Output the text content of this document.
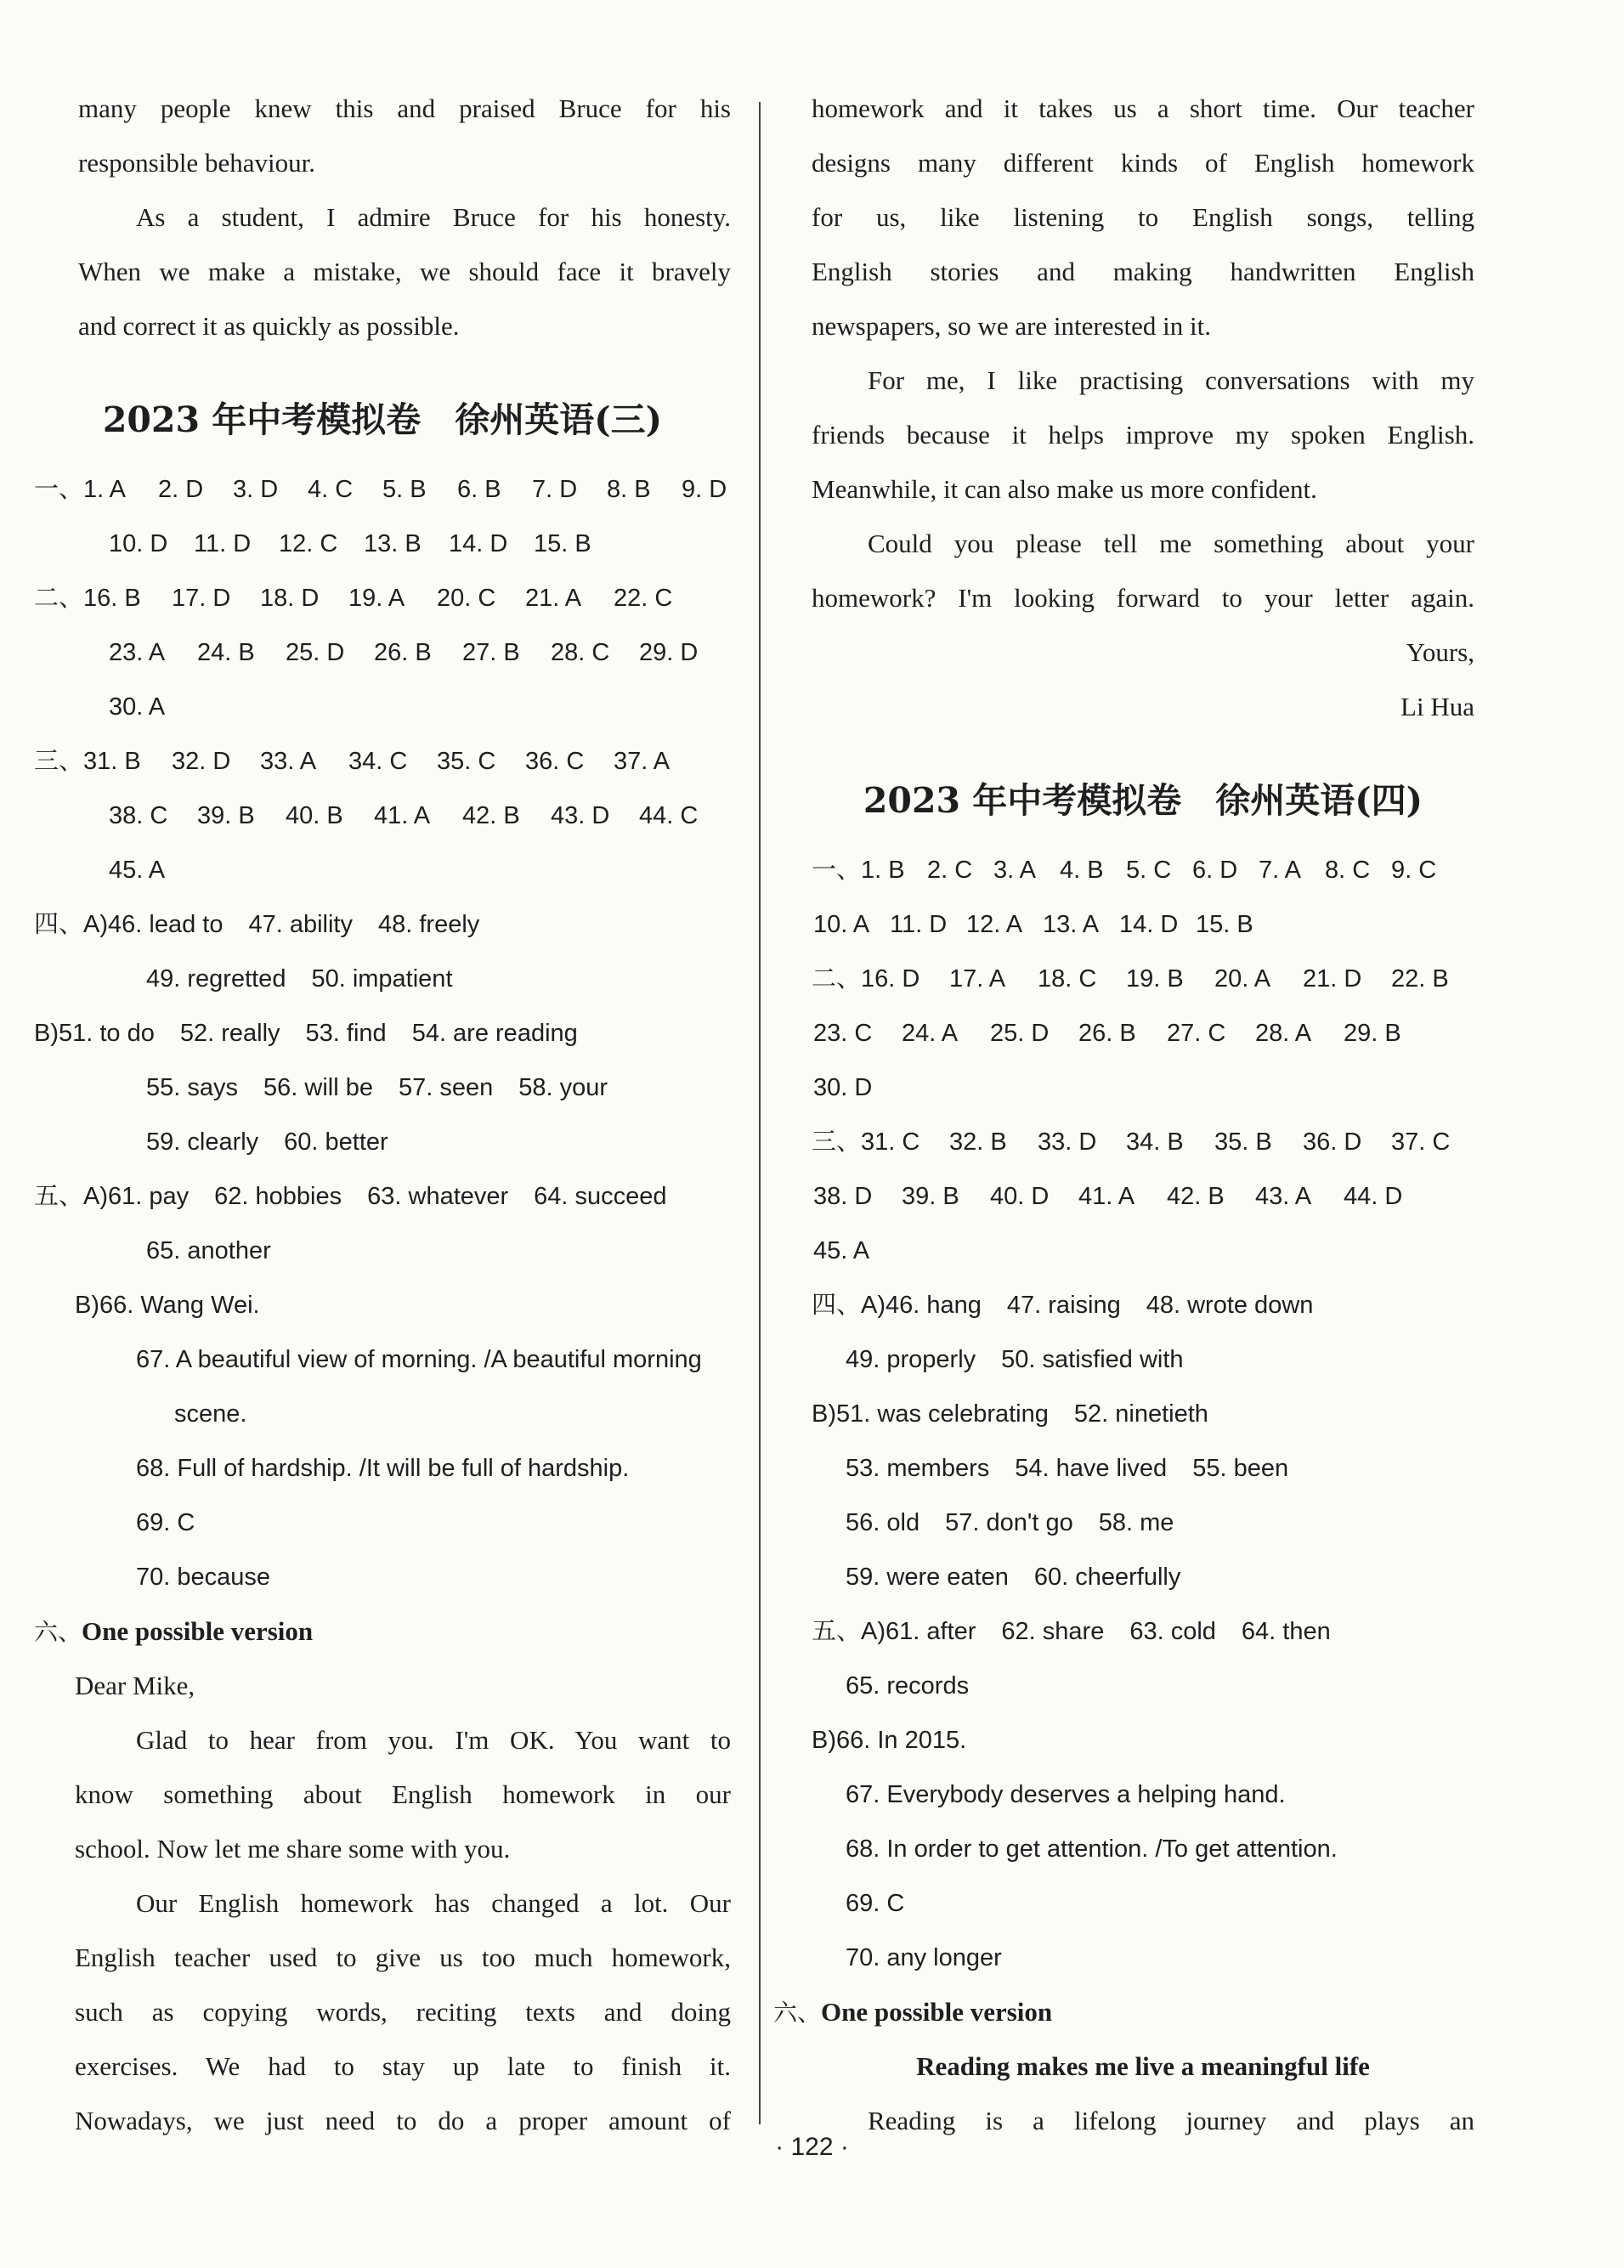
many people knew this and praised Bruce for his
responsible behaviour.
As a student, I admire Bruce for his honesty.
When we make a mistake, we should face it bravely
and correct it as quickly as possible.
2023 年中考模拟卷 徐州英语(三)
一、1. A 2. D 3. D 4. C 5. B 6. B 7. D 8. B 9. D
10. D 11. D 12. C 13. B 14. D 15. B
二、16. B 17. D 18. D 19. A 20. C 21. A 22. C
23. A 24. B 25. D 26. B 27. B 28. C 29. D
30. A
三、31. B 32. D 33. A 34. C 35. C 36. C 37. A
38. C 39. B 40. B 41. A 42. B 43. D 44. C
45. A
四、A)46. lead to 47. ability 48. freely
49. regretted 50. impatient
B)51. to do 52. really 53. find 54. are reading
55. says 56. will be 57. seen 58. your
59. clearly 60. better
五、A)61. pay 62. hobbies 63. whatever 64. succeed
65. another
B)66. Wang Wei.
67. A beautiful view of morning. /A beautiful morning
scene.
68. Full of hardship. /It will be full of hardship.
69. C
70. because
六、One possible version
Dear Mike,
Glad to hear from you. I'm OK. You want to
know something about English homework in our
school. Now let me share some with you.
Our English homework has changed a lot. Our
English teacher used to give us too much homework,
such as copying words, reciting texts and doing
exercises. We had to stay up late to finish it.
Nowadays, we just need to do a proper amount of
homework and it takes us a short time. Our teacher
designs many different kinds of English homework
for us, like listening to English songs, telling
English stories and making handwritten English
newspapers, so we are interested in it.
For me, I like practising conversations with my
friends because it helps improve my spoken English.
Meanwhile, it can also make us more confident.
Could you please tell me something about your
homework? I'm looking forward to your letter again.
Yours,
Li Hua
2023 年中考模拟卷 徐州英语(四)
一、1. B 2. C 3. A 4. B 5. C 6. D 7. A 8. C 9. C
10. A 11. D 12. A 13. A 14. D 15. B
二、16. D 17. A 18. C 19. B 20. A 21. D 22. B
23. C 24. A 25. D 26. B 27. C 28. A 29. B
30. D
三、31. C 32. B 33. D 34. B 35. B 36. D 37. C
38. D 39. B 40. D 41. A 42. B 43. A 44. D
45. A
四、A)46. hang 47. raising 48. wrote down
49. properly 50. satisfied with
B)51. was celebrating 52. ninetieth
53. members 54. have lived 55. been
56. old 57. don't go 58. me
59. were eaten 60. cheerfully
五、A)61. after 62. share 63. cold 64. then
65. records
B)66. In 2015.
67. Everybody deserves a helping hand.
68. In order to get attention. /To get attention.
69. C
70. any longer
六、One possible version
Reading makes me live a meaningful life
Reading is a lifelong journey and plays an
· 122 ·
